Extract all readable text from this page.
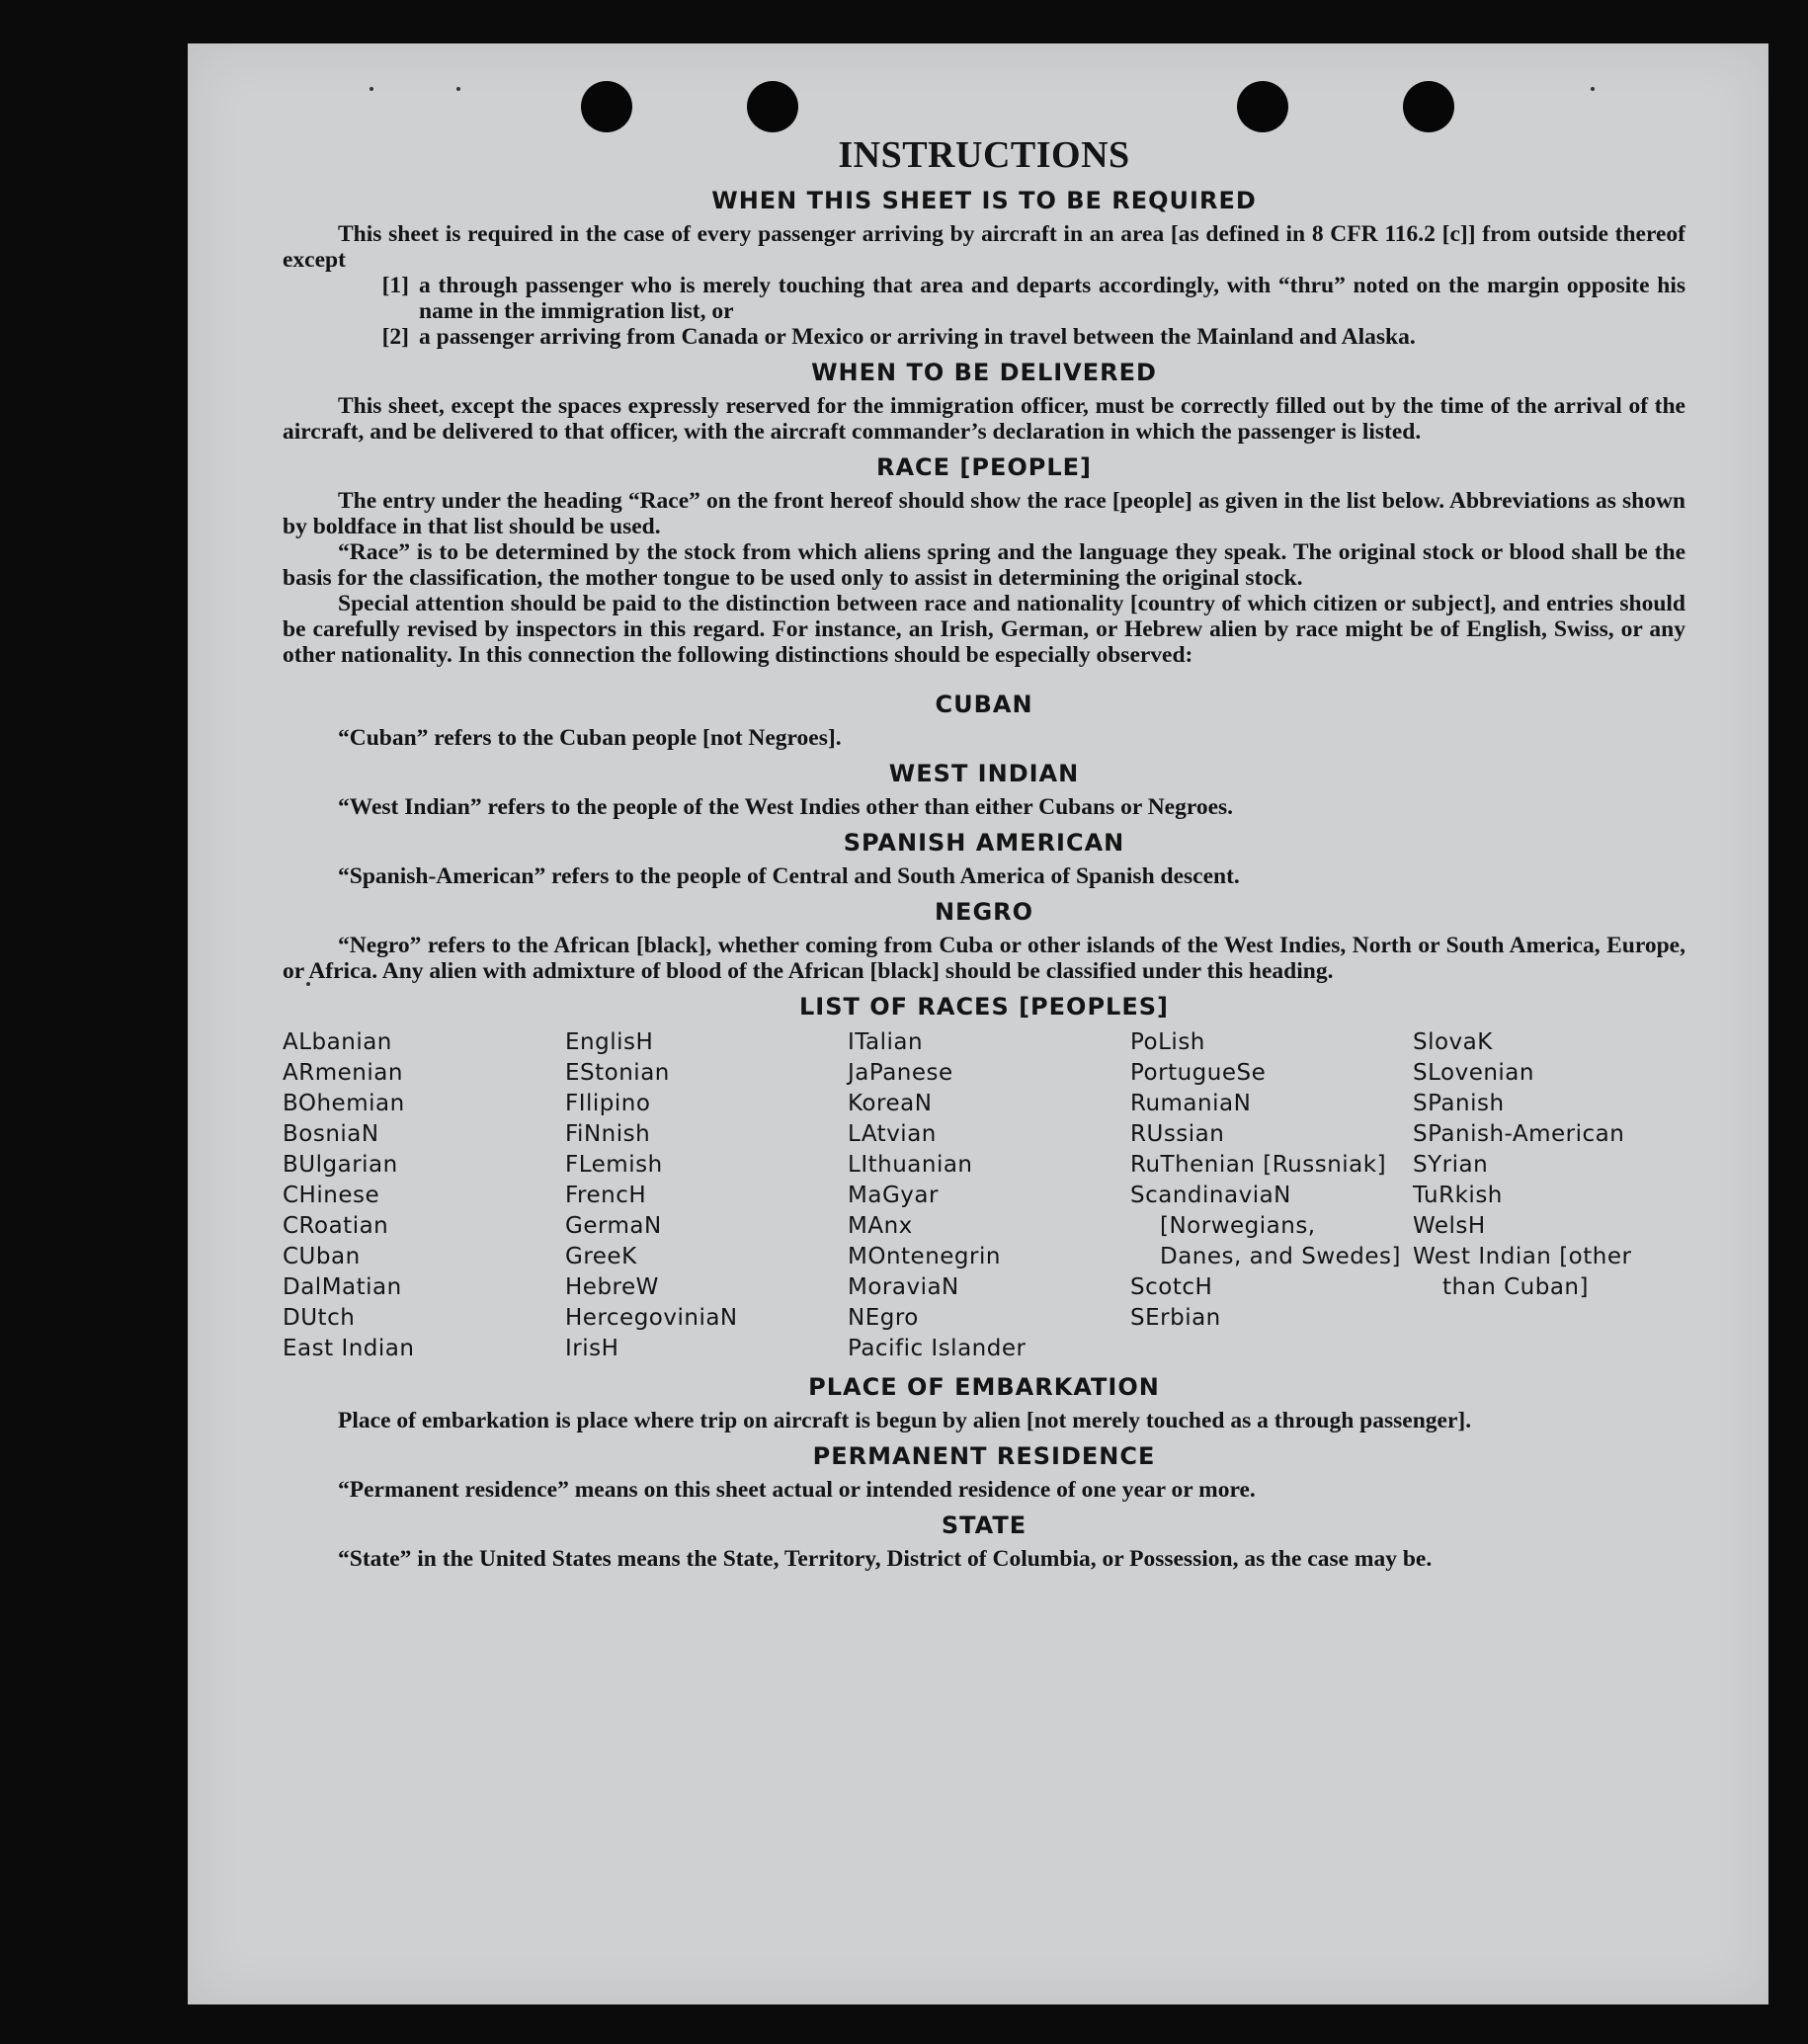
INSTRUCTIONS
WHEN THIS SHEET IS TO BE REQUIRED

This sheet is required in the case of every passenger arriving by aircraft in an area [as defined in 8 CFR 116.2 [c]] from outside thereof except

[1] a through passenger who is merely touching that area and departs accordingly, with “thru” noted on the margin opposite his name in the immigration list, or
[2] a passenger arriving from Canada or Mexico or arriving in travel between the Mainland and Alaska.
WHEN TO BE DELIVERED

This sheet, except the spaces expressly reserved for the immigration officer, must be correctly filled out by the time of the arrival of the aircraft, and be delivered to that officer, with the aircraft commander’s declaration in which the passenger is listed.

RACE [PEOPLE]

The entry under the heading “Race” on the front hereof should show the race [people] as given in the list below. Abbreviations as shown by boldface in that list should be used.

“Race” is to be determined by the stock from which aliens spring and the language they speak. The original stock or blood shall be the basis for the classification, the mother tongue to be used only to assist in determining the original stock.

Special attention should be paid to the distinction between race and nationality [country of which citizen or subject], and entries should be carefully revised by inspectors in this regard. For instance, an Irish, German, or Hebrew alien by race might be of English, Swiss, or any other nationality. In this connection the following distinctions should be especially observed:

CUBAN

“Cuban” refers to the Cuban people [not Negroes].

WEST INDIAN

“West Indian” refers to the people of the West Indies other than either Cubans or Negroes.

SPANISH AMERICAN

“Spanish-American” refers to the people of Central and South America of Spanish descent.

NEGRO

“Negro” refers to the African [black], whether coming from Cuba or other islands of the West Indies, North or South America, Europe, or Africa. Any alien with admixture of blood of the African [black] should be classified under this heading.

LIST OF RACES [PEOPLES]
ALbanian
ARmenian
BOhemian
BosniaN
BUlgarian
CHinese
CRoatian
CUban
DalMatian
DUtch
East Indian
EnglisH
EStonian
FIlipino
FiNnish
FLemish
FrencH
GermaN
GreeK
HebreW
HercegoviniaN
IrisH
ITalian
JaPanese
KoreaN
LAtvian
LIthuanian
MaGyar
MAnx
MOntenegrin
MoraviaN
NEgro
Pacific Islander
PoLish
PortugueSe
RumaniaN
RUssian
RuThenian [Russniak]
ScandinaviaN [Norwegians, Danes, and Swedes]
ScotcH
SErbian
SlovaK
SLovenian
SPanish
SPanish-American
SYrian
TuRkish
WelsH
West Indian [other than Cuban]
PLACE OF EMBARKATION

Place of embarkation is place where trip on aircraft is begun by alien [not merely touched as a through passenger].

PERMANENT RESIDENCE

“Permanent residence” means on this sheet actual or intended residence of one year or more.

STATE

“State” in the United States means the State, Territory, District of Columbia, or Possession, as the case may be.
